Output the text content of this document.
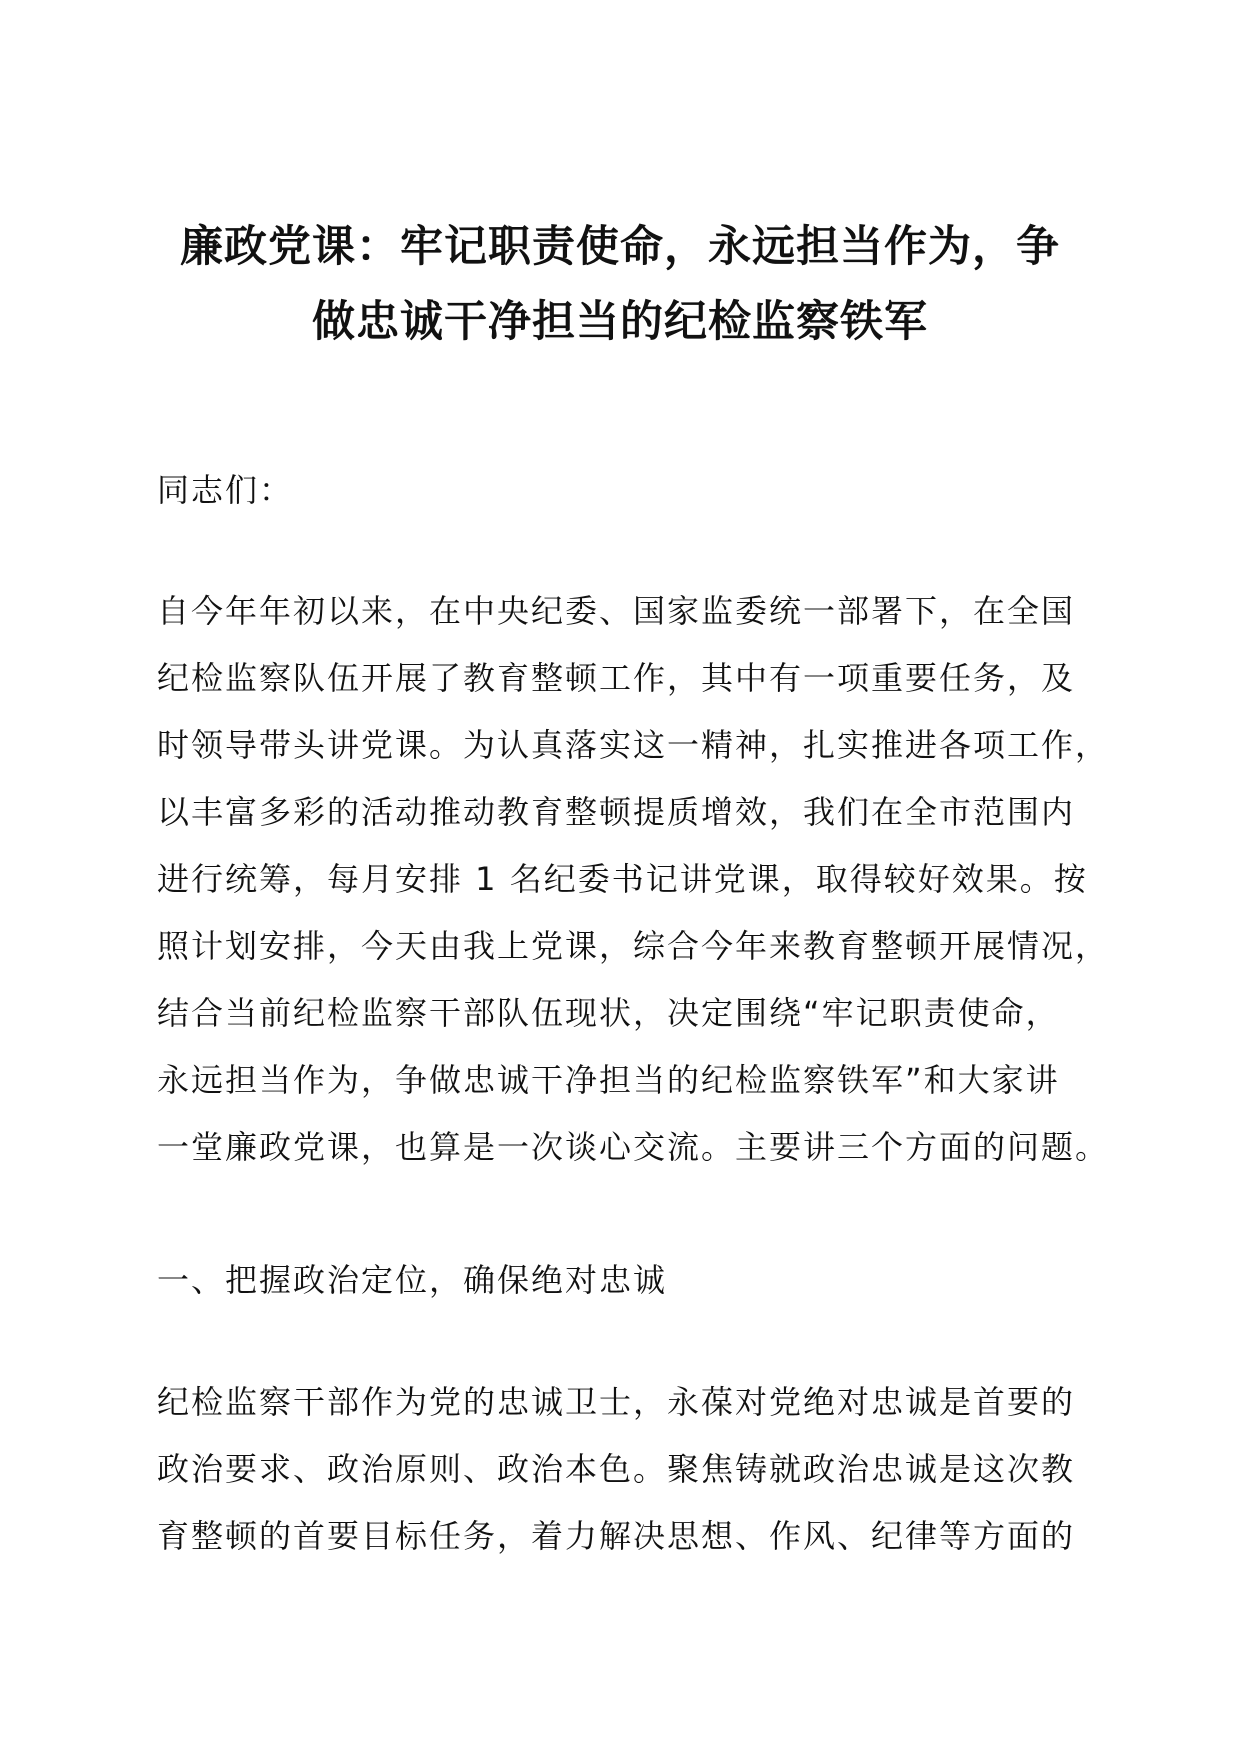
廉政党课：牢记职责使命，永远担当作为，争
做忠诚干净担当的纪检监察铁军

同志们：

自今年年初以来，在中央纪委、国家监委统一部署下，在全国
纪检监察队伍开展了教育整顿工作，其中有一项重要任务，及
时领导带头讲党课。为认真落实这一精神，扎实推进各项工作，
以丰富多彩的活动推动教育整顿提质增效，我们在全市范围内
进行统筹，每月安排 1 名纪委书记讲党课，取得较好效果。按
照计划安排，今天由我上党课，综合今年来教育整顿开展情况，
结合当前纪检监察干部队伍现状，决定围绕“牢记职责使命，
永远担当作为，争做忠诚干净担当的纪检监察铁军”和大家讲
一堂廉政党课，也算是一次谈心交流。主要讲三个方面的问题。

一、把握政治定位，确保绝对忠诚

纪检监察干部作为党的忠诚卫士，永葆对党绝对忠诚是首要的
政治要求、政治原则、政治本色。聚焦铸就政治忠诚是这次教
育整顿的首要目标任务，着力解决思想、作风、纪律等方面的
